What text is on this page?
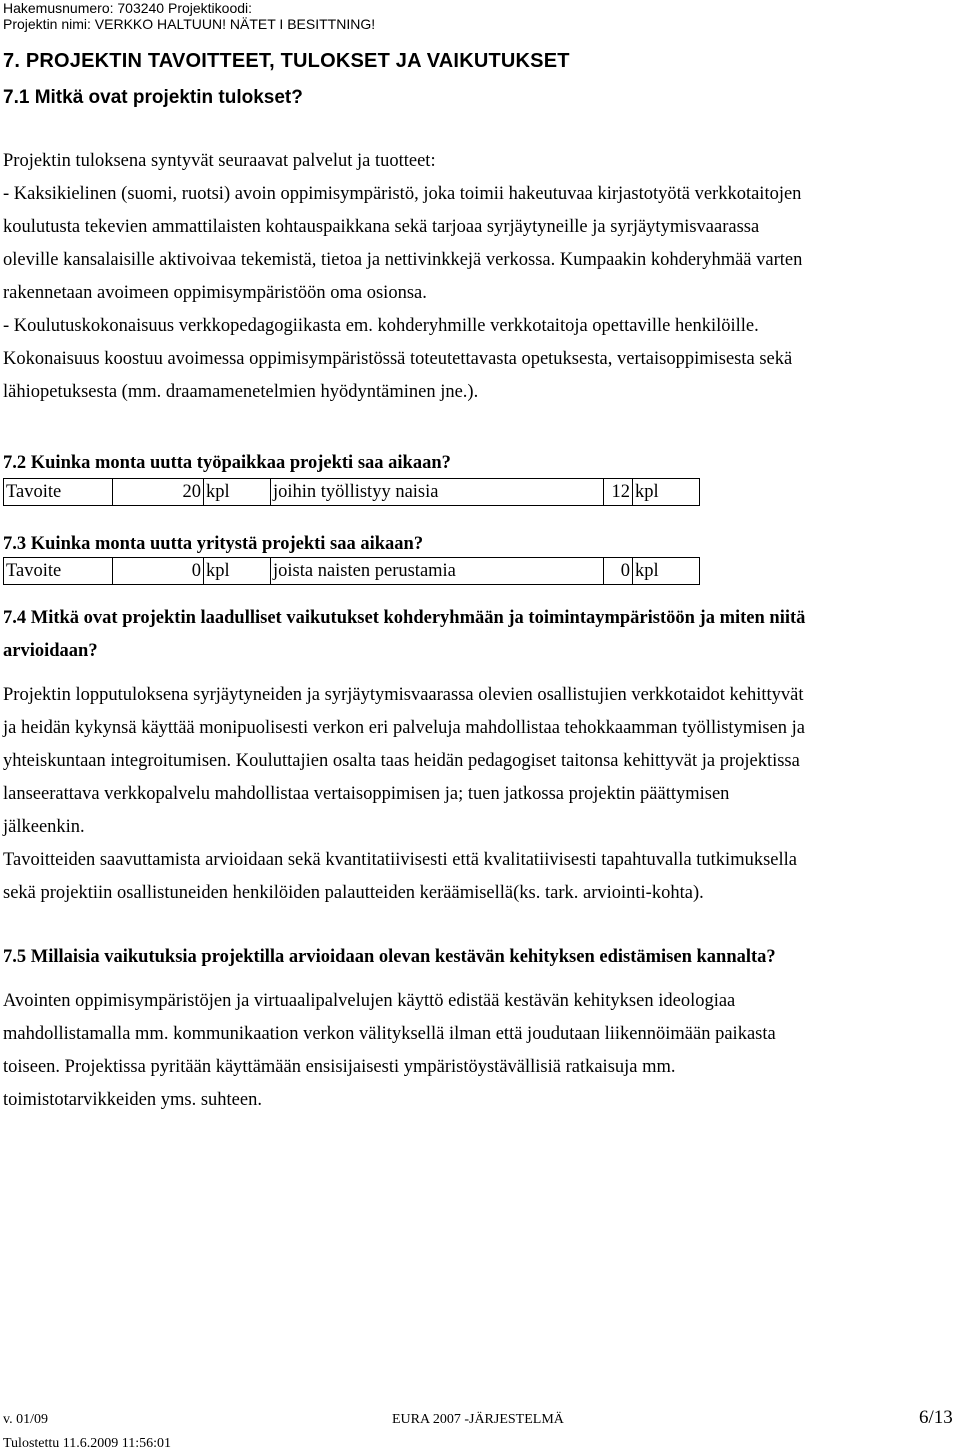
Hakemusnumero: 703240 Projektikoodi:
Projektin nimi: VERKKO HALTUUN! NÄTET I BESITTNING!
7. PROJEKTIN TAVOITTEET, TULOKSET JA VAIKUTUKSET
7.1 Mitkä ovat projektin tulokset?
Projektin tuloksena syntyvät seuraavat palvelut ja tuotteet:
- Kaksikielinen (suomi, ruotsi) avoin oppimisympäristö, joka toimii hakeutuvaa kirjastotyötä verkkotaitojen
koulutusta tekevien ammattilaisten kohtauspaikkana sekä tarjoaa syrjäytyneille ja syrjäytymisvaarassa
oleville kansalaisille aktivoivaa tekemistä, tietoa ja nettivinkkejä verkossa. Kumpaakin kohderyhmää varten
rakennetaan avoimeen oppimisympäristöön oma osionsa.
- Koulutuskokonaisuus verkkopedagogiikasta em. kohderyhmille verkkotaitoja opettaville henkilöille.
Kokonaisuus koostuu avoimessa oppimisympäristössä toteutettavasta opetuksesta, vertaisoppimisesta sekä
lähiopetuksesta (mm. draamamenetelmien hyödyntäminen jne.).
7.2 Kuinka monta uutta työpaikkaa projekti saa aikaan?
Tavoite	20	kpl	joihin työllistyy naisia	12	kpl
7.3 Kuinka monta uutta yritystä projekti saa aikaan?
Tavoite	0	kpl	joista naisten perustamia	0	kpl
7.4 Mitkä ovat projektin laadulliset vaikutukset kohderyhmään ja toimintaympäristöön ja miten niitä
arvioidaan?
Projektin lopputuloksena syrjäytyneiden ja syrjäytymisvaarassa olevien osallistujien verkkotaidot kehittyvät
ja heidän kykynsä käyttää monipuolisesti verkon eri palveluja mahdollistaa tehokkaamman työllistymisen ja
yhteiskuntaan integroitumisen. Kouluttajien osalta taas heidän pedagogiset taitonsa kehittyvät ja projektissa
lanseerattava verkkopalvelu mahdollistaa vertaisoppimisen ja; tuen jatkossa projektin päättymisen
jälkeenkin.
Tavoitteiden saavuttamista arvioidaan sekä kvantitatiivisesti että kvalitatiivisesti tapahtuvalla tutkimuksella
sekä projektiin osallistuneiden henkilöiden palautteiden keräämisellä(ks. tark. arviointi-kohta).
7.5 Millaisia vaikutuksia projektilla arvioidaan olevan kestävän kehityksen edistämisen kannalta?
Avointen oppimisympäristöjen ja virtuaalipalvelujen käyttö edistää kestävän kehityksen ideologiaa
mahdollistamalla mm. kommunikaation verkon välityksellä ilman että joudutaan liikennöimään paikasta
toiseen. Projektissa pyritään käyttämään ensisijaisesti ympäristöystävällisiä ratkaisuja mm.
toimistotarvikkeiden yms. suhteen.
v. 01/09	EURA 2007 -JÄRJESTELMÄ	6/13
Tulostettu 11.6.2009 11:56:01
